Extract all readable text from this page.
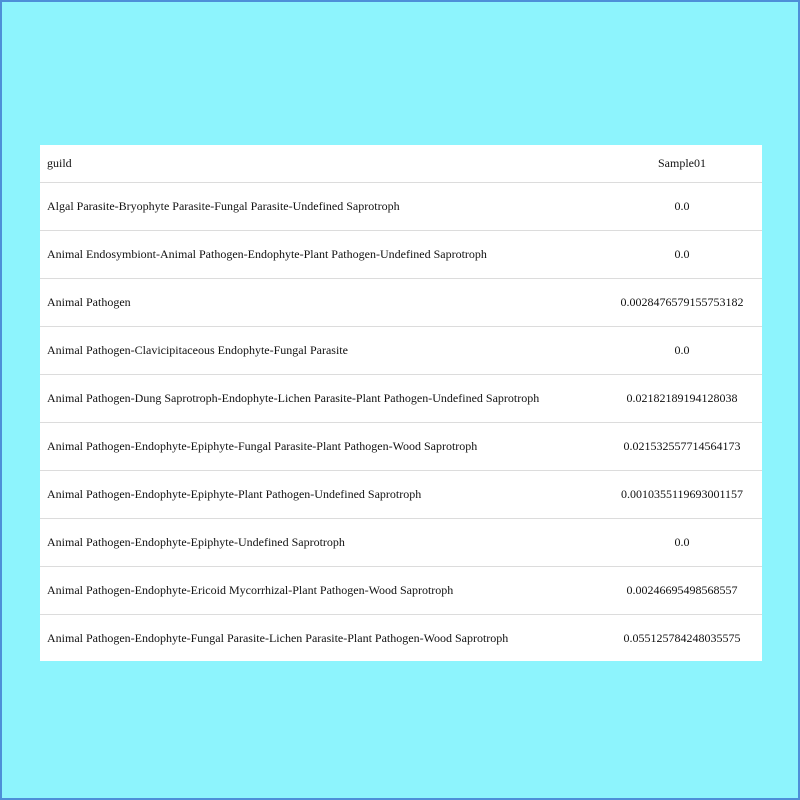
guild	Sample01
Algal Parasite-Bryophyte Parasite-Fungal Parasite-Undefined Saprotroph	0.0
Animal Endosymbiont-Animal Pathogen-Endophyte-Plant Pathogen-Undefined Saprotroph	0.0
Animal Pathogen	0.0028476579155753182
Animal Pathogen-Clavicipitaceous Endophyte-Fungal Parasite	0.0
Animal Pathogen-Dung Saprotroph-Endophyte-Lichen Parasite-Plant Pathogen-Undefined Saprotroph	0.02182189194128038
Animal Pathogen-Endophyte-Epiphyte-Fungal Parasite-Plant Pathogen-Wood Saprotroph	0.021532557714564173
Animal Pathogen-Endophyte-Epiphyte-Plant Pathogen-Undefined Saprotroph	0.0010355119693001157
Animal Pathogen-Endophyte-Epiphyte-Undefined Saprotroph	0.0
Animal Pathogen-Endophyte-Ericoid Mycorrhizal-Plant Pathogen-Wood Saprotroph	0.00246695498568557
Animal Pathogen-Endophyte-Fungal Parasite-Lichen Parasite-Plant Pathogen-Wood Saprotroph	0.055125784248035575
